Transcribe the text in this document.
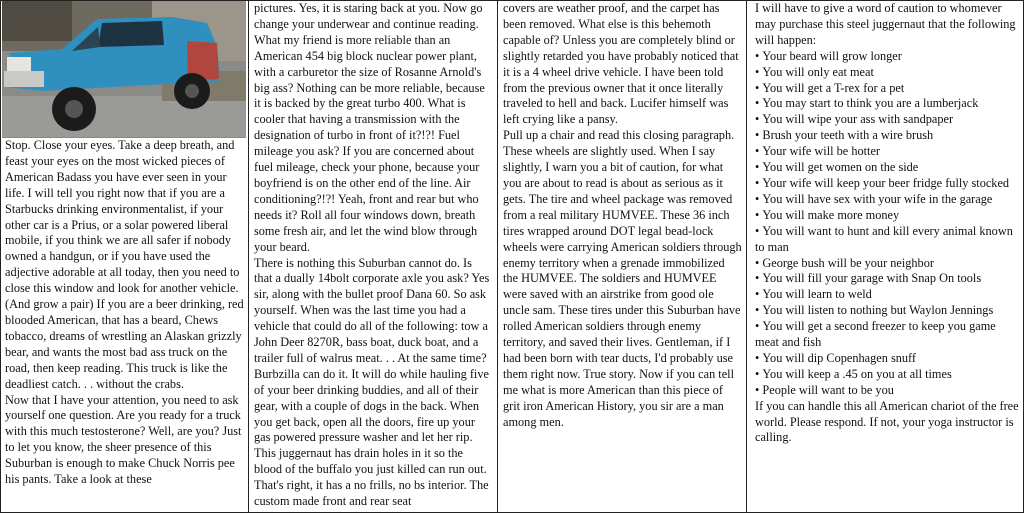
Stop. Close your eyes. Take a deep breath, and feast your eyes on the most wicked pieces of American Badass you have ever seen in your life. I will tell you right now that if you are a Starbucks drinking environmentalist, if your other car is a Prius, or a solar powered liberal mobile, if you think we are all safer if nobody owned a handgun, or if you have used the adjective adorable at all today, then you need to close this window and look for another vehicle. (And grow a pair) If you are a beer drinking, red blooded American, that has a beard, Chews tobacco, dreams of wrestling an Alaskan grizzly bear, and wants the most bad ass truck on the road, then keep reading. This truck is like the deadliest catch. . . without the crabs.

Now that I have your attention, you need to ask yourself one question. Are you ready for a truck with this much testosterone? Well, are you? Just to let you know, the sheer presence of this Suburban is enough to make Chuck Norris pee his pants. Take a look at these

pictures. Yes, it is staring back at you. Now go change your underwear and continue reading. What my friend is more reliable than an American 454 big block nuclear power plant, with a carburetor the size of Rosanne Arnold's big ass? Nothing can be more reliable, because it is backed by the great turbo 400. What is cooler that having a transmission with the designation of turbo in front of it?!?! Fuel mileage you ask? If you are concerned about fuel mileage, check your phone, because your boyfriend is on the other end of the line. Air conditioning?!?! Yeah, front and rear but who needs it? Roll all four windows down, breath some fresh air, and let the wind blow through your beard.

There is nothing this Suburban cannot do. Is that a dually 14bolt corporate axle you ask? Yes sir, along with the bullet proof Dana 60. So ask yourself. When was the last time you had a vehicle that could do all of the following: tow a John Deer 8270R, bass boat, duck boat, and a trailer full of walrus meat. . . At the same time? Burbzilla can do it. It will do while hauling five of your beer drinking buddies, and all of their gear, with a couple of dogs in the back. When you get back, open all the doors, fire up your gas powered pressure washer and let her rip. This juggernaut has drain holes in it so the blood of the buffalo you just killed can run out. That's right, it has a no frills, no bs interior. The custom made front and rear seat

covers are weather proof, and the carpet has been removed. What else is this behemoth capable of? Unless you are completely blind or slightly retarded you have probably noticed that it is a 4 wheel drive vehicle. I have been told from the previous owner that it once literally traveled to hell and back. Lucifer himself was left crying like a pansy.

Pull up a chair and read this closing paragraph. These wheels are slightly used. When I say slightly, I warn you a bit of caution, for what you are about to read is about as serious as it gets. The tire and wheel package was removed from a real military HUMVEE. These 36 inch tires wrapped around DOT legal bead-lock wheels were carrying American soldiers through enemy territory when a grenade immobilized the HUMVEE. The soldiers and HUMVEE were saved with an airstrike from good ole uncle sam. These tires under this Suburban have rolled American soldiers through enemy territory, and saved their lives. Gentleman, if I had been born with tear ducts, I'd probably use them right now. True story. Now if you can tell me what is more American than this piece of grit iron American History, you sir are a man among men.

I will have to give a word of caution to whomever may purchase this steel juggernaut that the following will happen:

• Your beard will grow longer
• You will only eat meat
• You will get a T-rex for a pet
• You may start to think you are a lumberjack
• You will wipe your ass with sandpaper
• Brush your teeth with a wire brush
• Your wife will be hotter
• You will get women on the side
• Your wife will keep your beer fridge fully stocked
• You will have sex with your wife in the garage
• You will make more money
• You will want to hunt and kill every animal known to man
• George bush will be your neighbor
• You will fill your garage with Snap On tools
• You will learn to weld
• You will listen to nothing but Waylon Jennings
• You will get a second freezer to keep you game meat and fish
• You will dip Copenhagen snuff
• You will keep a .45 on you at all times
• People will want to be you

If you can handle this all American chariot of the free world. Please respond. If not, your yoga instructor is calling.
